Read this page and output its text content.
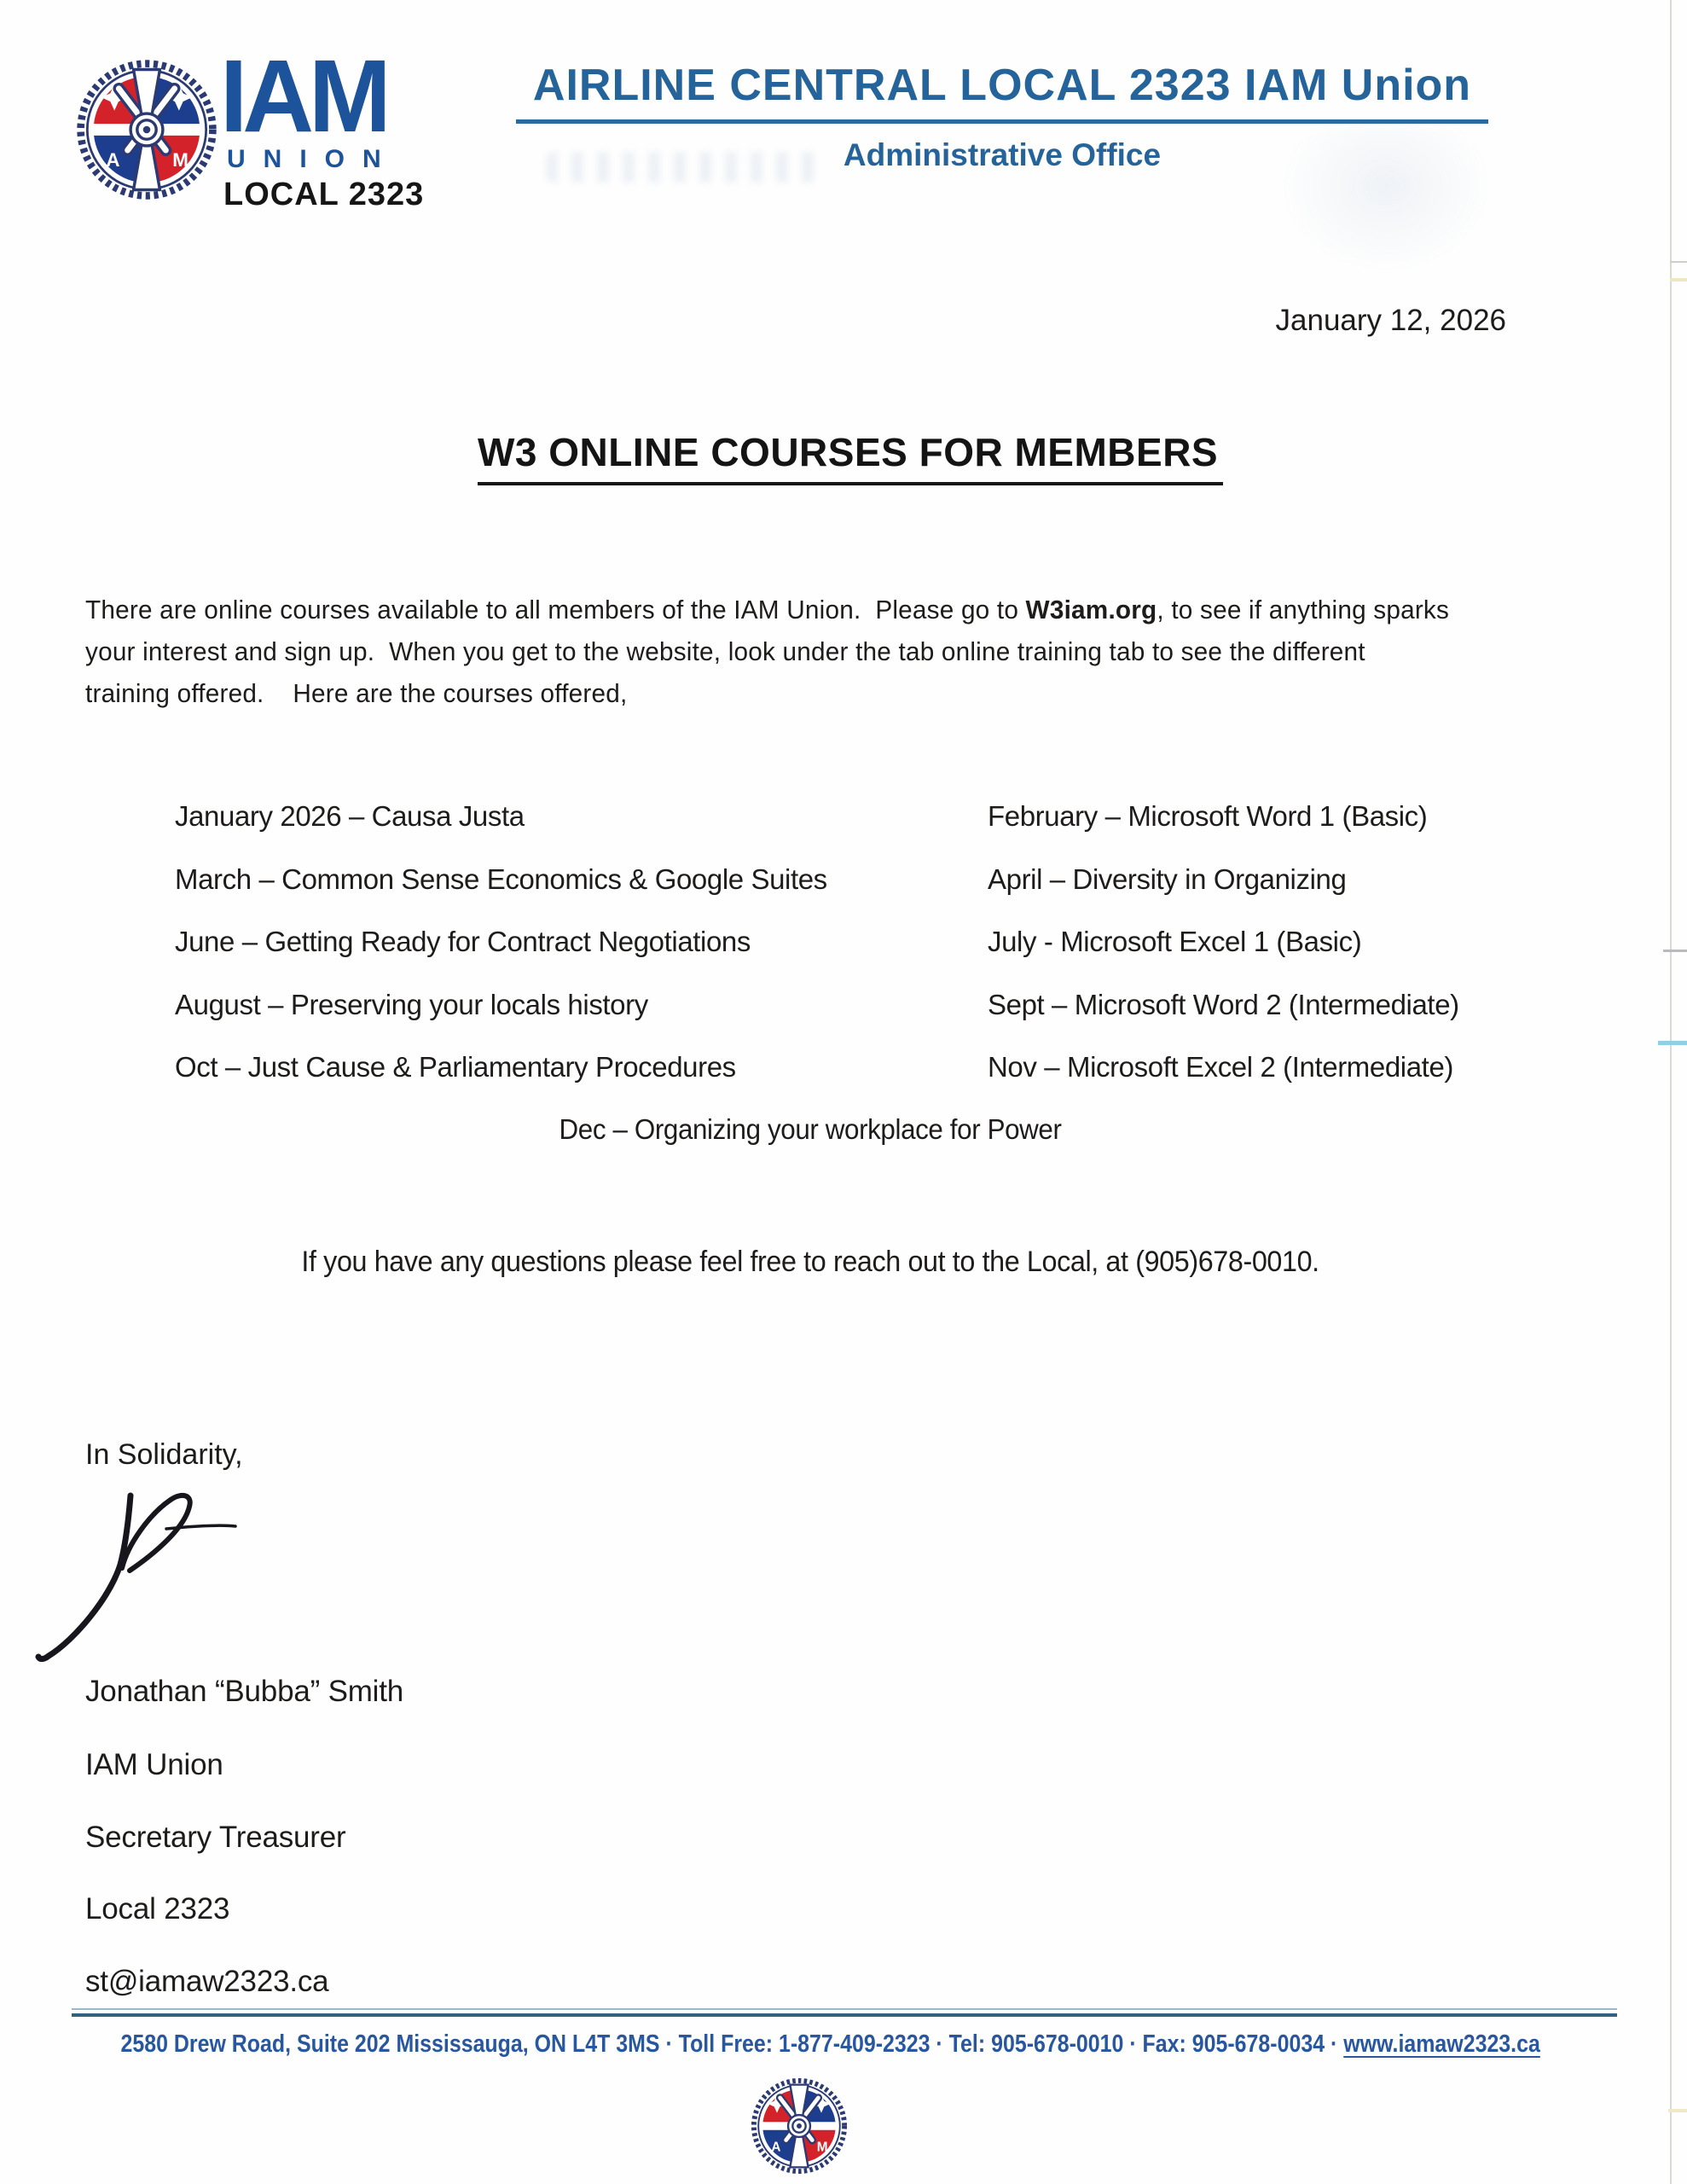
IAM
UNION
LOCAL 2323
AIRLINE CENTRAL LOCAL 2323 IAM Union
Administrative Office
January 12, 2026
W3 ONLINE COURSES FOR MEMBERS
There are online courses available to all members of the IAM Union.  Please go to W3iam.org, to see if anything sparks
your interest and sign up.  When you get to the website, look under the tab online training tab to see the different
training offered.    Here are the courses offered,
January 2026 – Causa Justa	February – Microsoft Word 1 (Basic)
March – Common Sense Economics & Google Suites	April – Diversity in Organizing
June – Getting Ready for Contract Negotiations	July - Microsoft Excel 1 (Basic)
August – Preserving your locals history	Sept – Microsoft Word 2 (Intermediate)
Oct – Just Cause & Parliamentary Procedures	Nov – Microsoft Excel 2 (Intermediate)
Dec – Organizing your workplace for Power
If you have any questions please feel free to reach out to the Local, at (905)678-0010.
In Solidarity,
Jonathan “Bubba” Smith
IAM Union
Secretary Treasurer
Local 2323
st@iamaw2323.ca
2580 Drew Road, Suite 202 Mississauga, ON L4T 3MS · Toll Free: 1-877-409-2323 · Tel: 905-678-0010 · Fax: 905-678-0034 · www.iamaw2323.ca
